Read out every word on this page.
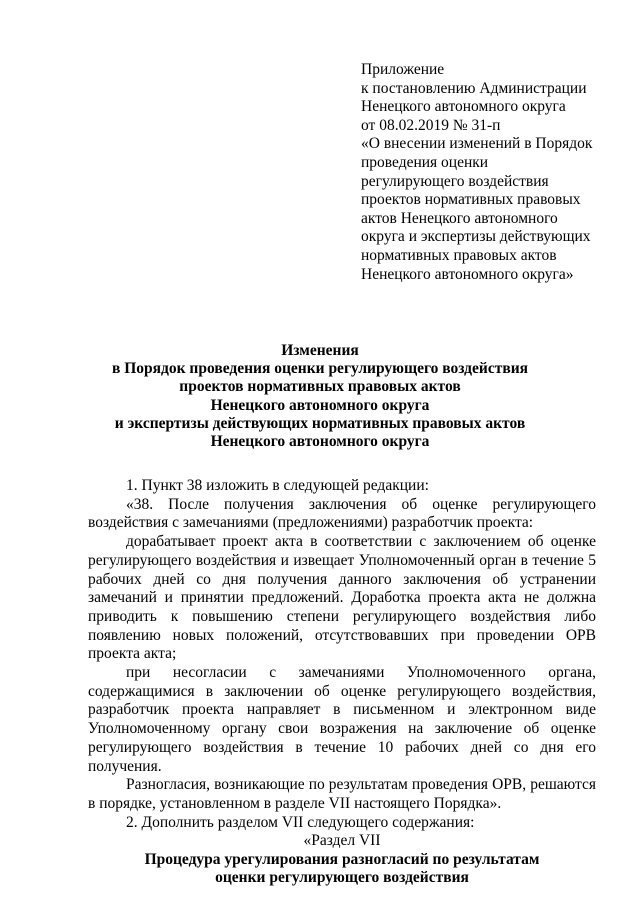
Приложение
к постановлению Администрации
Ненецкого автономного округа
от 08.02.2019 № 31-п
«О внесении изменений в Порядок
проведения оценки
регулирующего воздействия
проектов нормативных правовых
актов Ненецкого автономного
округа и экспертизы действующих
нормативных правовых актов
Ненецкого автономного округа»
Изменения
в Порядок проведения оценки регулирующего воздействия
проектов нормативных правовых актов
Ненецкого автономного округа
и экспертизы действующих нормативных правовых актов
Ненецкого автономного округа
1. Пункт 38 изложить в следующей редакции:
«38. После получения заключения об оценке регулирующего воздействия с замечаниями (предложениями) разработчик проекта:
дорабатывает проект акта в соответствии с заключением об оценке регулирующего воздействия и извещает Уполномоченный орган в течение 5 рабочих дней со дня получения данного заключения об устранении замечаний и принятии предложений. Доработка проекта акта не должна приводить к повышению степени регулирующего воздействия либо появлению новых положений, отсутствовавших при проведении ОРВ проекта акта;
при несогласии с замечаниями Уполномоченного органа, содержащимися в заключении об оценке регулирующего воздействия, разработчик проекта направляет в письменном и электронном виде Уполномоченному органу свои возражения на заключение об оценке регулирующего воздействия в течение 10 рабочих дней со дня его получения.
Разногласия, возникающие по результатам проведения ОРВ, решаются в порядке, установленном в разделе VII настоящего Порядка».
2. Дополнить разделом VII следующего содержания:
«Раздел VII
Процедура урегулирования разногласий по результатам
оценки регулирующего воздействия
